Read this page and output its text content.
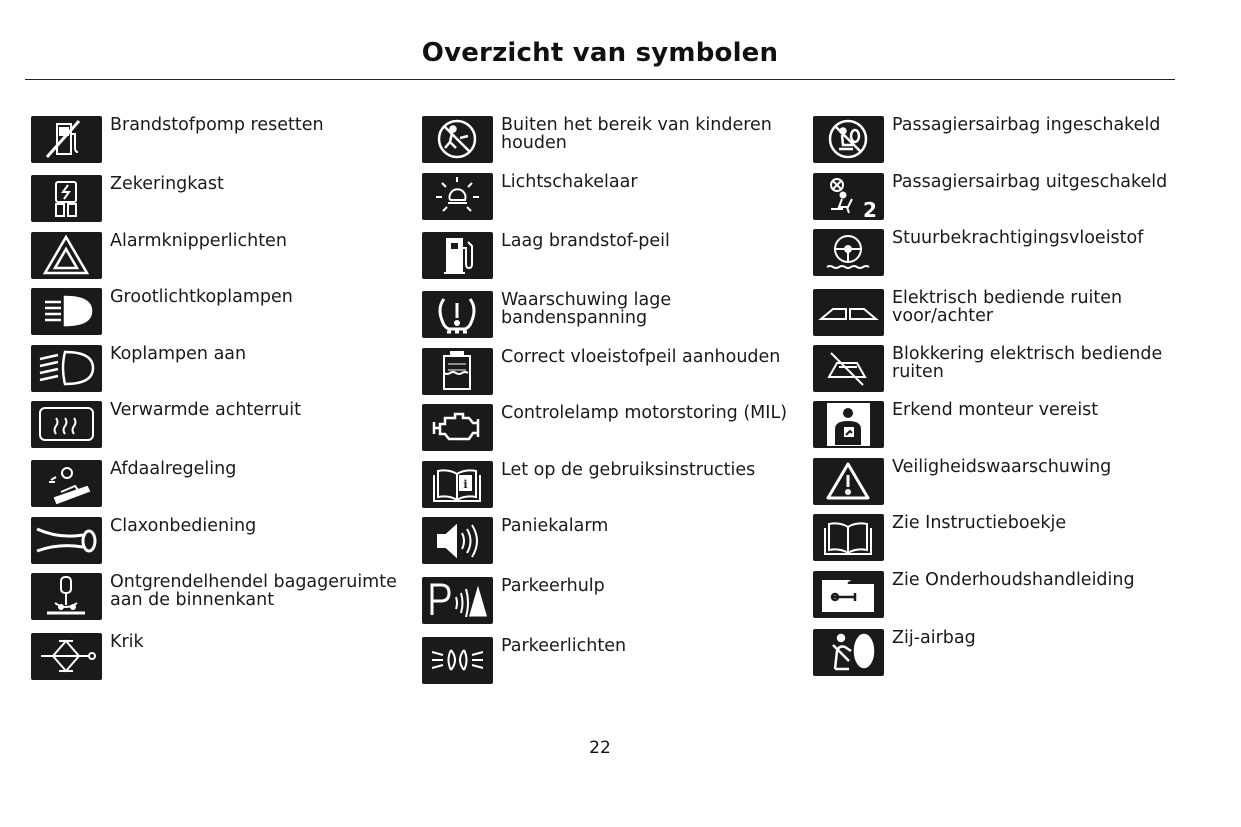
Overzicht van symbolen
Brandstofpomp resetten
Zekeringkast
Alarmknipperlichten
Grootlichtkoplampen
Koplampen aan
Verwarmde achterruit
Afdaalregeling
Claxonbediening
Ontgrendelhendel bagageruimte aan de binnenkant
Krik
Buiten het bereik van kinderen houden
Lichtschakelaar
Laag brandstof-peil
Waarschuwing lage bandenspanning
Correct vloeistofpeil aanhouden
Controlelamp motorstoring (MIL)
i
Let op de gebruiksinstructies
Paniekalarm
Parkeerhulp
Parkeerlichten
Passagiersairbag ingeschakeld
2
Passagiersairbag uitgeschakeld
Stuurbekrachtigingsvloeistof
Elektrisch bediende ruiten voor/achter
Blokkering elektrisch bediende ruiten
Erkend monteur vereist
Veiligheidswaarschuwing
Zie Instructieboekje
Zie Onderhoudshandleiding
Zij-airbag
22
